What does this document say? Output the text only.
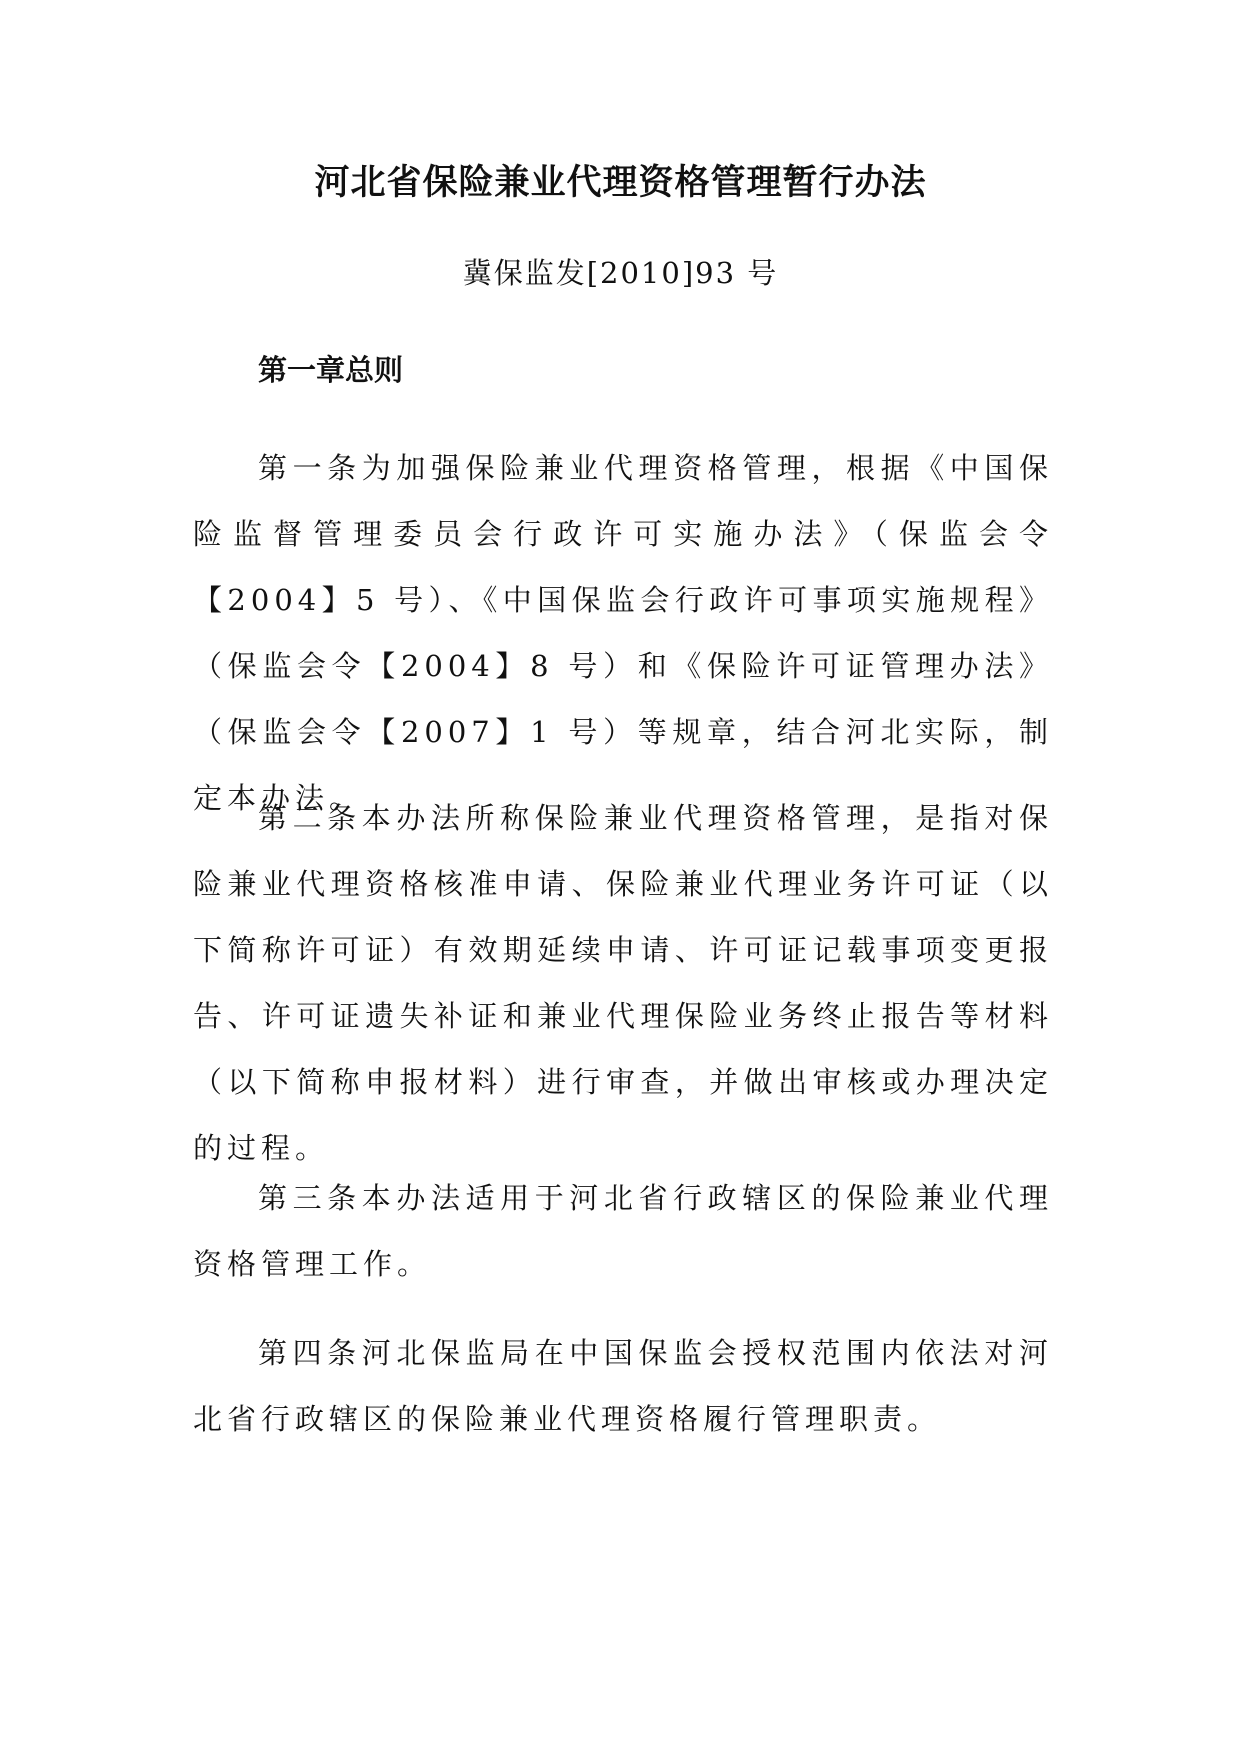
河北省保险兼业代理资格管理暂行办法
冀保监发[2010]93 号
第一章总则

第一条为加强保险兼业代理资格管理，根据《中国保险监督管理委员会行政许可实施办法》（保监会令【2004】5 号）、《中国保监会行政许可事项实施规程》（保监会令【2004】8 号）和《保险许可证管理办法》（保监会令【2007】1 号）等规章，结合河北实际，制定本办法。

第二条本办法所称保险兼业代理资格管理，是指对保险兼业代理资格核准申请、保险兼业代理业务许可证（以下简称许可证）有效期延续申请、许可证记载事项变更报告、许可证遗失补证和兼业代理保险业务终止报告等材料（以下简称申报材料）进行审查，并做出审核或办理决定的过程。

第三条本办法适用于河北省行政辖区的保险兼业代理资格管理工作。

第四条河北保监局在中国保监会授权范围内依法对河北省行政辖区的保险兼业代理资格履行管理职责。
